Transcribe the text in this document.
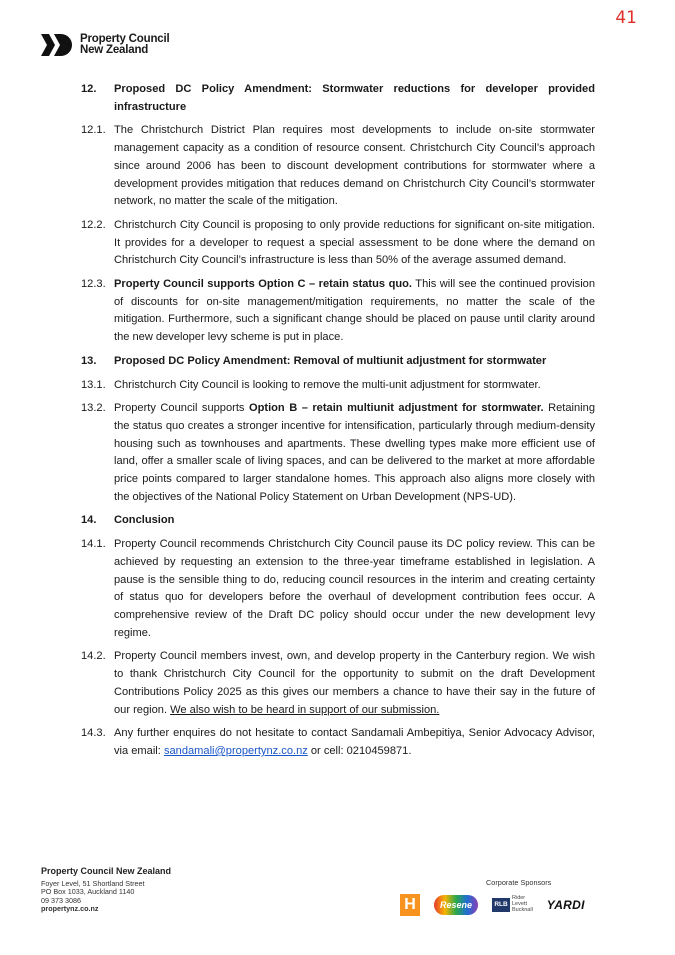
41
Property Council
New Zealand
12.	Proposed DC Policy Amendment: Stormwater reductions for developer provided infrastructure
12.1. The Christchurch District Plan requires most developments to include on-site stormwater management capacity as a condition of resource consent. Christchurch City Council’s approach since around 2006 has been to discount development contributions for stormwater where a development provides mitigation that reduces demand on Christchurch City Council’s stormwater network, no matter the scale of the mitigation.
12.2. Christchurch City Council is proposing to only provide reductions for significant on-site mitigation. It provides for a developer to request a special assessment to be done where the demand on Christchurch City Council’s infrastructure is less than 50% of the average assumed demand.
12.3. Property Council supports Option C – retain status quo. This will see the continued provision of discounts for on-site management/mitigation requirements, no matter the scale of the mitigation. Furthermore, such a significant change should be placed on pause until clarity around the new developer levy scheme is put in place.
13.	Proposed DC Policy Amendment: Removal of multiunit adjustment for stormwater
13.1. Christchurch City Council is looking to remove the multi-unit adjustment for stormwater.
13.2. Property Council supports Option B – retain multiunit adjustment for stormwater. Retaining the status quo creates a stronger incentive for intensification, particularly through medium-density housing such as townhouses and apartments. These dwelling types make more efficient use of land, offer a smaller scale of living spaces, and can be delivered to the market at more affordable price points compared to larger standalone homes. This approach also aligns more closely with the objectives of the National Policy Statement on Urban Development (NPS-UD).
14.	Conclusion
14.1. Property Council recommends Christchurch City Council pause its DC policy review. This can be achieved by requesting an extension to the three-year timeframe established in legislation. A pause is the sensible thing to do, reducing council resources in the interim and creating certainty of status quo for developers before the overhaul of development contribution fees occur. A comprehensive review of the Draft DC policy should occur under the new development levy regime.
14.2. Property Council members invest, own, and develop property in the Canterbury region. We wish to thank Christchurch City Council for the opportunity to submit on the draft Development Contributions Policy 2025 as this gives our members a chance to have their say in the future of our region. We also wish to be heard in support of our submission.
14.3. Any further enquires do not hesitate to contact Sandamali Ambepitiya, Senior Advocacy Advisor, via email: sandamali@propertynz.co.nz or cell: 0210459871.
Property Council New Zealand
Foyer Level, 51 Shortland Street
PO Box 1033, Auckland 1140
09 373 3086
propertynz.co.nz
Corporate Sponsors
H	Resene	RLB
Rider
Levett
Bucknall YARDI
